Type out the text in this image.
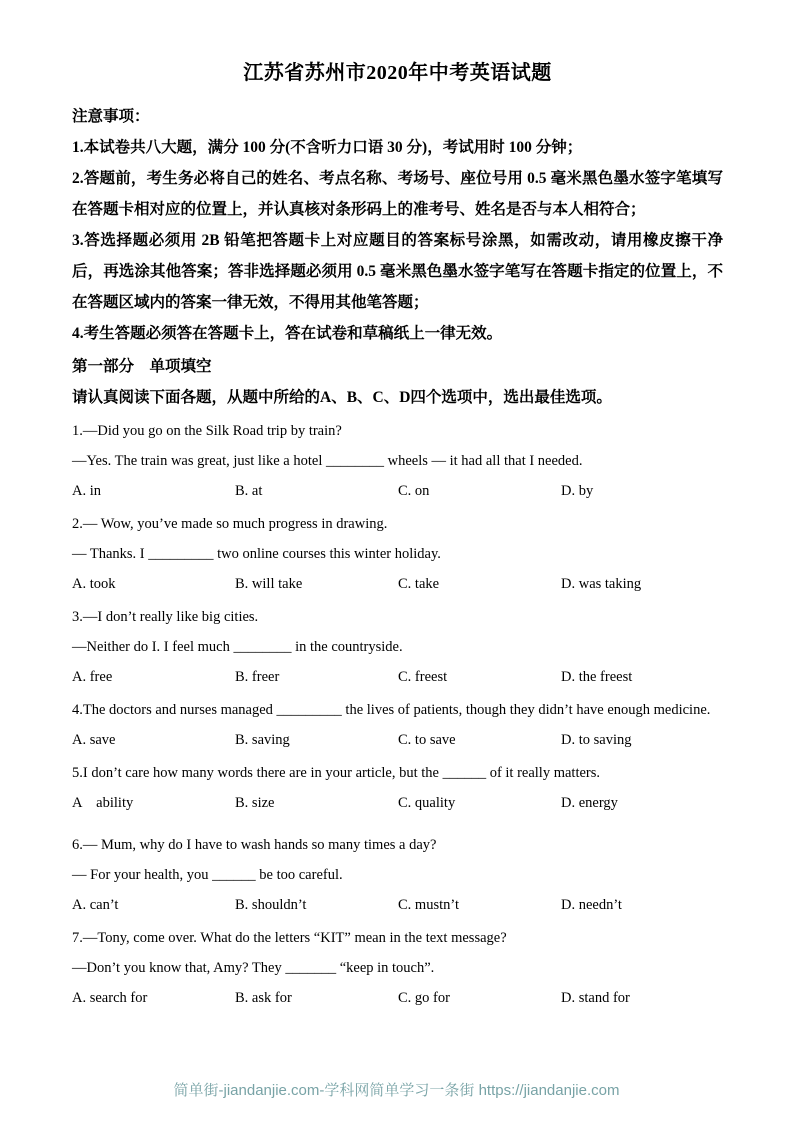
江苏省苏州市2020年中考英语试题

注意事项：

1.本试卷共八大题，满分 100 分(不含听力口语 30 分)，考试用时 100 分钟；

2.答题前，考生务必将自己的姓名、考点名称、考场号、座位号用 0.5 毫米黑色墨水签字笔填写在答题卡相对应的位置上，并认真核对条形码上的准考号、姓名是否与本人相符合；

3.答选择题必须用 2B 铅笔把答题卡上对应题目的答案标号涂黑，如需改动，请用橡皮擦干净后，再选涂其他答案；答非选择题必须用 0.5 毫米黑色墨水签字笔写在答题卡指定的位置上，不在答题区域内的答案一律无效，不得用其他笔答题；

4.考生答题必须答在答题卡上，答在试卷和草稿纸上一律无效。

第一部分　单项填空

请认真阅读下面各题，从题中所给的A、B、C、D四个选项中，选出最佳选项。

1.—Did you go on the Silk Road trip by train?

—Yes. The train was great, just like a hotel ________ wheels — it had all that I needed.

A. in	B. at	C. on	D. by

2.— Wow, you’ve made so much progress in drawing.

— Thanks. I _________ two online courses this winter holiday.

A. took	B. will take	C. take	D. was taking

3.—I don’t really like big cities.

—Neither do I. I feel much ________ in the countryside.

A. free	B. freer	C. freest	D. the freest

4.The doctors and nurses managed _________ the lives of patients, though they didn’t have enough medicine.

A. save	B. saving	C. to save	D. to saving

5.I don’t care how many words there are in your article, but the ______ of it really matters.

A　ability	B. size	C. quality	D. energy

6.— Mum, why do I have to wash hands so many times a day?

— For your health, you ______ be too careful.

A. can’t	B. shouldn’t	C. mustn’t	D. needn’t

7.—Tony, come over. What do the letters “KIT” mean in the text message?

—Don’t you know that, Amy? They _______ “keep in touch”.

A. search for	B. ask for	C. go for	D. stand for
简单街-jiandanjie.com-学科网简单学习一条街 https://jiandanjie.com
